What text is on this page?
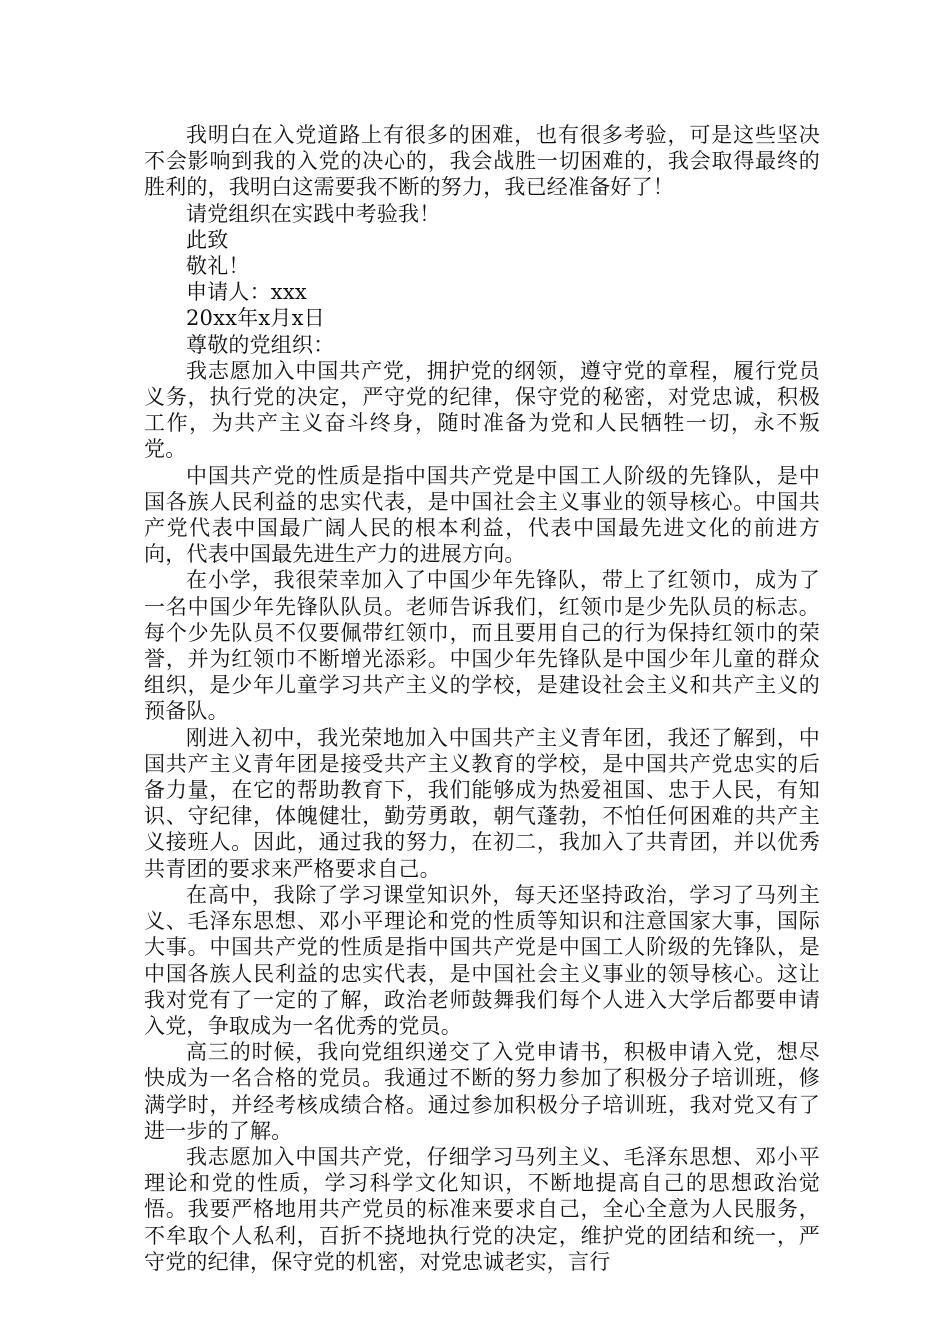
我明白在入党道路上有很多的困难，也有很多考验，可是这些坚决不会影响到我的入党的决心的，我会战胜一切困难的，我会取得最终的胜利的，我明白这需要我不断的努力，我已经准备好了！

请党组织在实践中考验我！

此致

敬礼！

申请人：xxx

20xx年x月x日

尊敬的党组织：

我志愿加入中国共产党，拥护党的纲领，遵守党的章程，履行党员义务，执行党的决定，严守党的纪律，保守党的秘密，对党忠诚，积极工作，为共产主义奋斗终身，随时准备为党和人民牺牲一切，永不叛党。

中国共产党的性质是指中国共产党是中国工人阶级的先锋队，是中国各族人民利益的忠实代表，是中国社会主义事业的领导核心。中国共产党代表中国最广阔人民的根本利益，代表中国最先进文化的前进方向，代表中国最先进生产力的进展方向。

在小学，我很荣幸加入了中国少年先锋队，带上了红领巾，成为了一名中国少年先锋队队员。老师告诉我们，红领巾是少先队员的标志。每个少先队员不仅要佩带红领巾，而且要用自己的行为保持红领巾的荣誉，并为红领巾不断增光添彩。中国少年先锋队是中国少年儿童的群众组织，是少年儿童学习共产主义的学校，是建设社会主义和共产主义的预备队。

刚进入初中，我光荣地加入中国共产主义青年团，我还了解到，中国共产主义青年团是接受共产主义教育的学校，是中国共产党忠实的后备力量，在它的帮助教育下，我们能够成为热爱祖国、忠于人民，有知识、守纪律，体魄健壮，勤劳勇敢，朝气蓬勃，不怕任何困难的共产主义接班人。因此，通过我的努力，在初二，我加入了共青团，并以优秀共青团的要求来严格要求自己。

在高中，我除了学习课堂知识外，每天还坚持政治，学习了马列主义、毛泽东思想、邓小平理论和党的性质等知识和注意国家大事，国际大事。中国共产党的性质是指中国共产党是中国工人阶级的先锋队，是中国各族人民利益的忠实代表，是中国社会主义事业的领导核心。这让我对党有了一定的了解，政治老师鼓舞我们每个人进入大学后都要申请入党，争取成为一名优秀的党员。

高三的时候，我向党组织递交了入党申请书，积极申请入党，想尽快成为一名合格的党员。我通过不断的努力参加了积极分子培训班，修满学时，并经考核成绩合格。通过参加积极分子培训班，我对党又有了进一步的了解。

我志愿加入中国共产党，仔细学习马列主义、毛泽东思想、邓小平理论和党的性质，学习科学文化知识，不断地提高自己的思想政治觉悟。我要严格地用共产党员的标准来要求自己，全心全意为人民服务，不牟取个人私利，百折不挠地执行党的决定，维护党的团结和统一，严守党的纪律，保守党的机密，对党忠诚老实，言行
